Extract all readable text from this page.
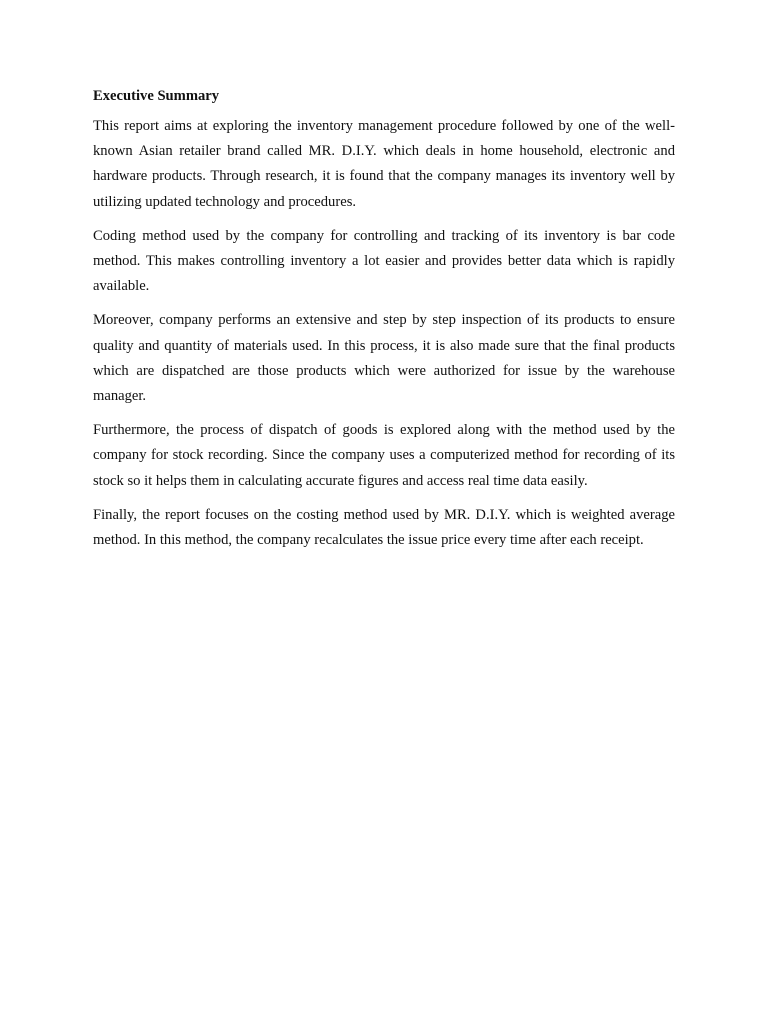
Executive Summary

This report aims at exploring the inventory management procedure followed by one of the well-known Asian retailer brand called MR. D.I.Y. which deals in home household, electronic and hardware products. Through research, it is found that the company manages its inventory well by utilizing updated technology and procedures.

Coding method used by the company for controlling and tracking of its inventory is bar code method. This makes controlling inventory a lot easier and provides better data which is rapidly available.

Moreover, company performs an extensive and step by step inspection of its products to ensure quality and quantity of materials used. In this process, it is also made sure that the final products which are dispatched are those products which were authorized for issue by the warehouse manager.

Furthermore, the process of dispatch of goods is explored along with the method used by the company for stock recording. Since the company uses a computerized method for recording of its stock so it helps them in calculating accurate figures and access real time data easily.

Finally, the report focuses on the costing method used by MR. D.I.Y. which is weighted average method. In this method, the company recalculates the issue price every time after each receipt.
